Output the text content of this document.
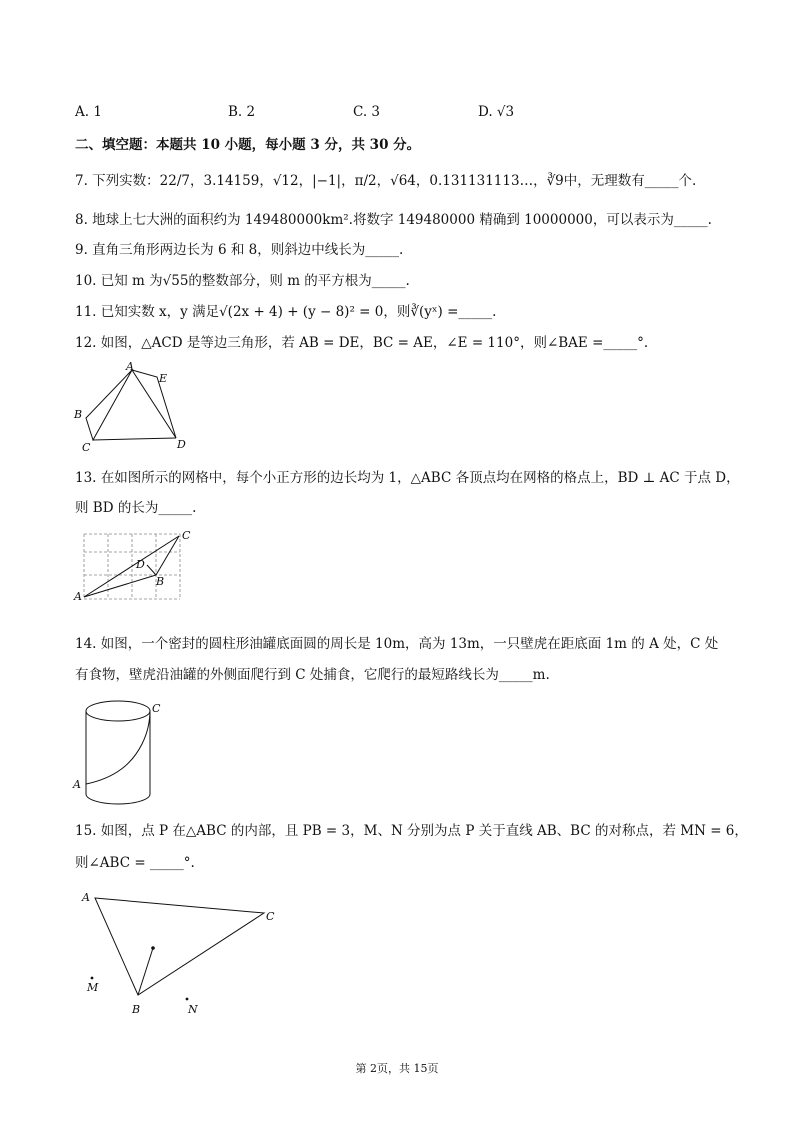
A. 1	B. 2	C. 3	D. √3
二、填空题：本题共 10 小题，每小题 3 分，共 30 分。
7. 下列实数：22/7，3.14159，√12，|−1|，π/2，√64，0.131131113…，∛9中，无理数有_____个.
8. 地球上七大洲的面积约为 149480000km².将数字 149480000 精确到 10000000，可以表示为_____.
9. 直角三角形两边长为 6 和 8，则斜边中线长为_____.
10. 已知 m 为√55的整数部分，则 m 的平方根为_____.
11. 已知实数 x，y 满足√(2x + 4) + (y − 8)² = 0，则∛(yˣ) =_____.
12. 如图，△ACD 是等边三角形，若 AB = DE，BC = AE，∠E = 110°，则∠BAE =_____°.
A
E
B
C	D
13. 在如图所示的网格中，每个小正方形的边长均为 1，△ABC 各顶点均在网格的格点上，BD ⊥ AC 于点 D，
则 BD 的长为_____.
A
C
D
B
14. 如图，一个密封的圆柱形油罐底面圆的周长是 10m，高为 13m，一只壁虎在距底面 1m 的 A 处，C 处
有食物，壁虎沿油罐的外侧面爬行到 C 处捕食，它爬行的最短路线长为_____m.
C
A
15. 如图，点 P 在△ABC 的内部，且 PB = 3，M、N 分别为点 P 关于直线 AB、BC 的对称点，若 MN = 6，
则∠ABC = _____°.
A
C
B
M
N
第 2页，共 15页
